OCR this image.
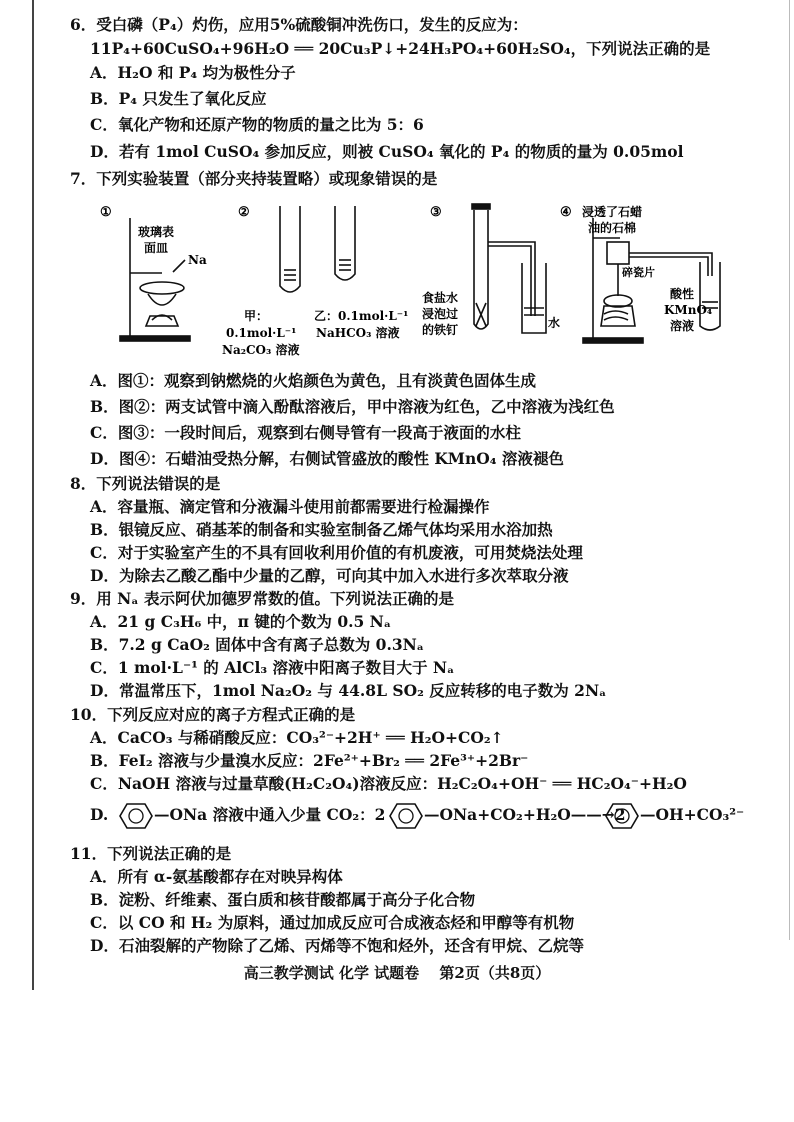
6．受白磷（P₄）灼伤，应用5%硫酸铜冲洗伤口，发生的反应为：
11P₄+60CuSO₄+96H₂O ══ 20Cu₃P↓+24H₃PO₄+60H₂SO₄，下列说法正确的是
A．H₂O 和 P₄ 均为极性分子
B．P₄ 只发生了氧化反应
C．氧化产物和还原产物的物质的量之比为 5：6
D．若有 1mol CuSO₄ 参加反应，则被 CuSO₄ 氧化的 P₄ 的物质的量为 0.05mol
7．下列实验装置（部分夹持装置略）或现象错误的是
①
玻璃表
面皿
Na
②
甲：
0.1mol·L⁻¹
Na₂CO₃ 溶液
乙：0.1mol·L⁻¹
NaHCO₃ 溶液
③
食盐水
浸泡过
的铁钉	水
④ 浸透了石蜡
油的石棉
碎瓷片
酸性
KMnO₄
溶液
A．图①：观察到钠燃烧的火焰颜色为黄色，且有淡黄色固体生成
B．图②：两支试管中滴入酚酞溶液后，甲中溶液为红色，乙中溶液为浅红色
C．图③：一段时间后，观察到右侧导管有一段高于液面的水柱
D．图④：石蜡油受热分解，右侧试管盛放的酸性 KMnO₄ 溶液褪色
8．下列说法错误的是
A．容量瓶、滴定管和分液漏斗使用前都需要进行检漏操作
B．银镜反应、硝基苯的制备和实验室制备乙烯气体均采用水浴加热
C．对于实验室产生的不具有回收利用价值的有机废液，可用焚烧法处理
D．为除去乙酸乙酯中少量的乙醇，可向其中加入水进行多次萃取分液
9．用 Nₐ 表示阿伏加德罗常数的值。下列说法正确的是
A．21 g C₃H₆ 中，π 键的个数为 0.5 Nₐ
B．7.2 g CaO₂ 固体中含有离子总数为 0.3Nₐ
C．1 mol·L⁻¹ 的 AlCl₃ 溶液中阳离子数目大于 Nₐ
D．常温常压下，1mol Na₂O₂ 与 44.8L SO₂ 反应转移的电子数为 2Nₐ
10．下列反应对应的离子方程式正确的是
A．CaCO₃ 与稀硝酸反应：CO₃²⁻+2H⁺ ══ H₂O+CO₂↑
B．FeI₂ 溶液与少量溴水反应：2Fe²⁺+Br₂ ══ 2Fe³⁺+2Br⁻
C．NaOH 溶液与过量草酸(H₂C₂O₄)溶液反应：H₂C₂O₄+OH⁻ ══ HC₂O₄⁻+H₂O
D.	—ONa 溶液中通入少量 CO₂：2 —ONa+CO₂+H₂O——→2 —OH+CO₃²⁻
11．下列说法正确的是
A．所有 α-氨基酸都存在对映异构体
B．淀粉、纤维素、蛋白质和核苷酸都属于高分子化合物
C．以 CO 和 H₂ 为原料，通过加成反应可合成液态烃和甲醇等有机物
D．石油裂解的产物除了乙烯、丙烯等不饱和烃外，还含有甲烷、乙烷等
高三教学测试 化学 试题卷　 第2页（共8页）
